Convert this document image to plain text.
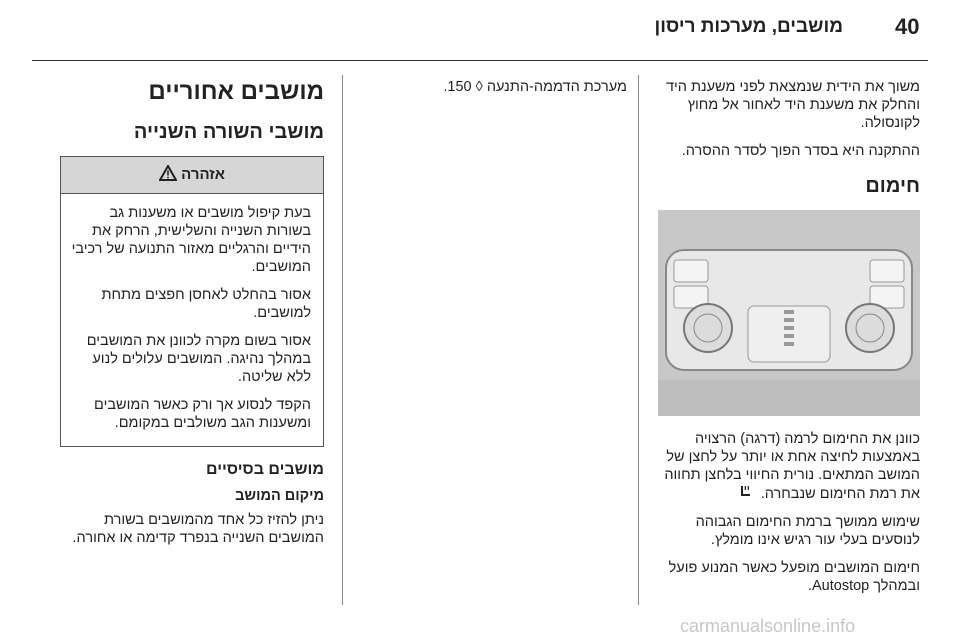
40
מושבים, מערכות ריסון
מושבים אחוריים
מושבי השורה השנייה
אזהרה

בעת קיפול מושבים או משענות גב בשורות השנייה והשלישית, הרחק את הידיים והרגליים מאזור התנועה של רכיבי המושבים.

אסור בהחלט לאחסן חפצים מתחת למושבים.

אסור בשום מקרה לכוונן את המושבים במהלך נהיגה. המושבים עלולים לנוע ללא שליטה.

הקפד לנסוע אך ורק כאשר המושבים ומשענות הגב משולבים במקומם.

מושבים בסיסיים
מיקום המושב

ניתן להזיז כל אחד מהמושבים בשורת המושבים השנייה בנפרד קדימה או אחורה.

מערכת הדממה-התנעה ◊ 150.	משוך את הידית שנמצאת לפני משענת היד והחלק את משענת היד לאחור אל מחוץ לקונסולה.

ההתקנה היא בסדר הפוך לסדר ההסרה.

חימום

כוונן את החימום לרמה (דרגה) הרצויה באמצעות לחיצה אחת או יותר על לחצן של המושב המתאים. נורית החיווי בלחצן תחווה את רמת החימום שנבחרה.

שימוש ממושך ברמת החימום הגבוהה לנוסעים בעלי עור רגיש אינו מומלץ.

חימום המושבים מופעל כאשר המנוע פועל ובמהלך Autostop.

carmanualsonline.info
